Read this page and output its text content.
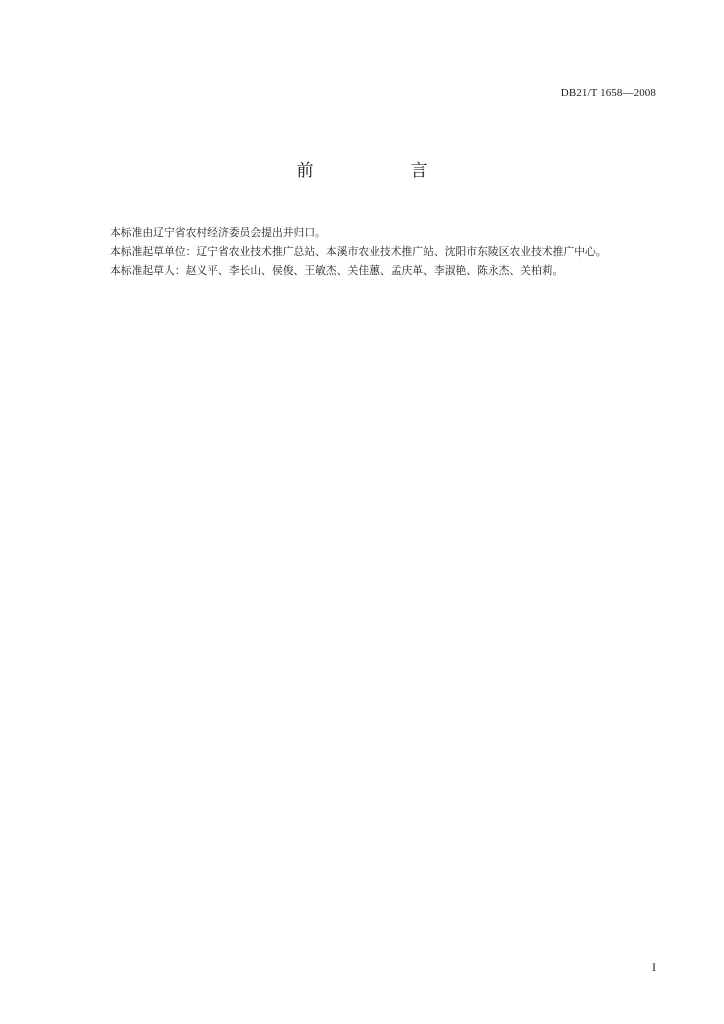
DB21/T 1658—2008
前　言

本标准由辽宁省农村经济委员会提出并归口。

本标准起草单位：辽宁省农业技术推广总站、本溪市农业技术推广站、沈阳市东陵区农业技术推广中心。

本标准起草人：赵义平、李长山、侯俊、王敏杰、关佳蕙、孟庆革、李淑艳、陈永杰、关柏莉。

I
